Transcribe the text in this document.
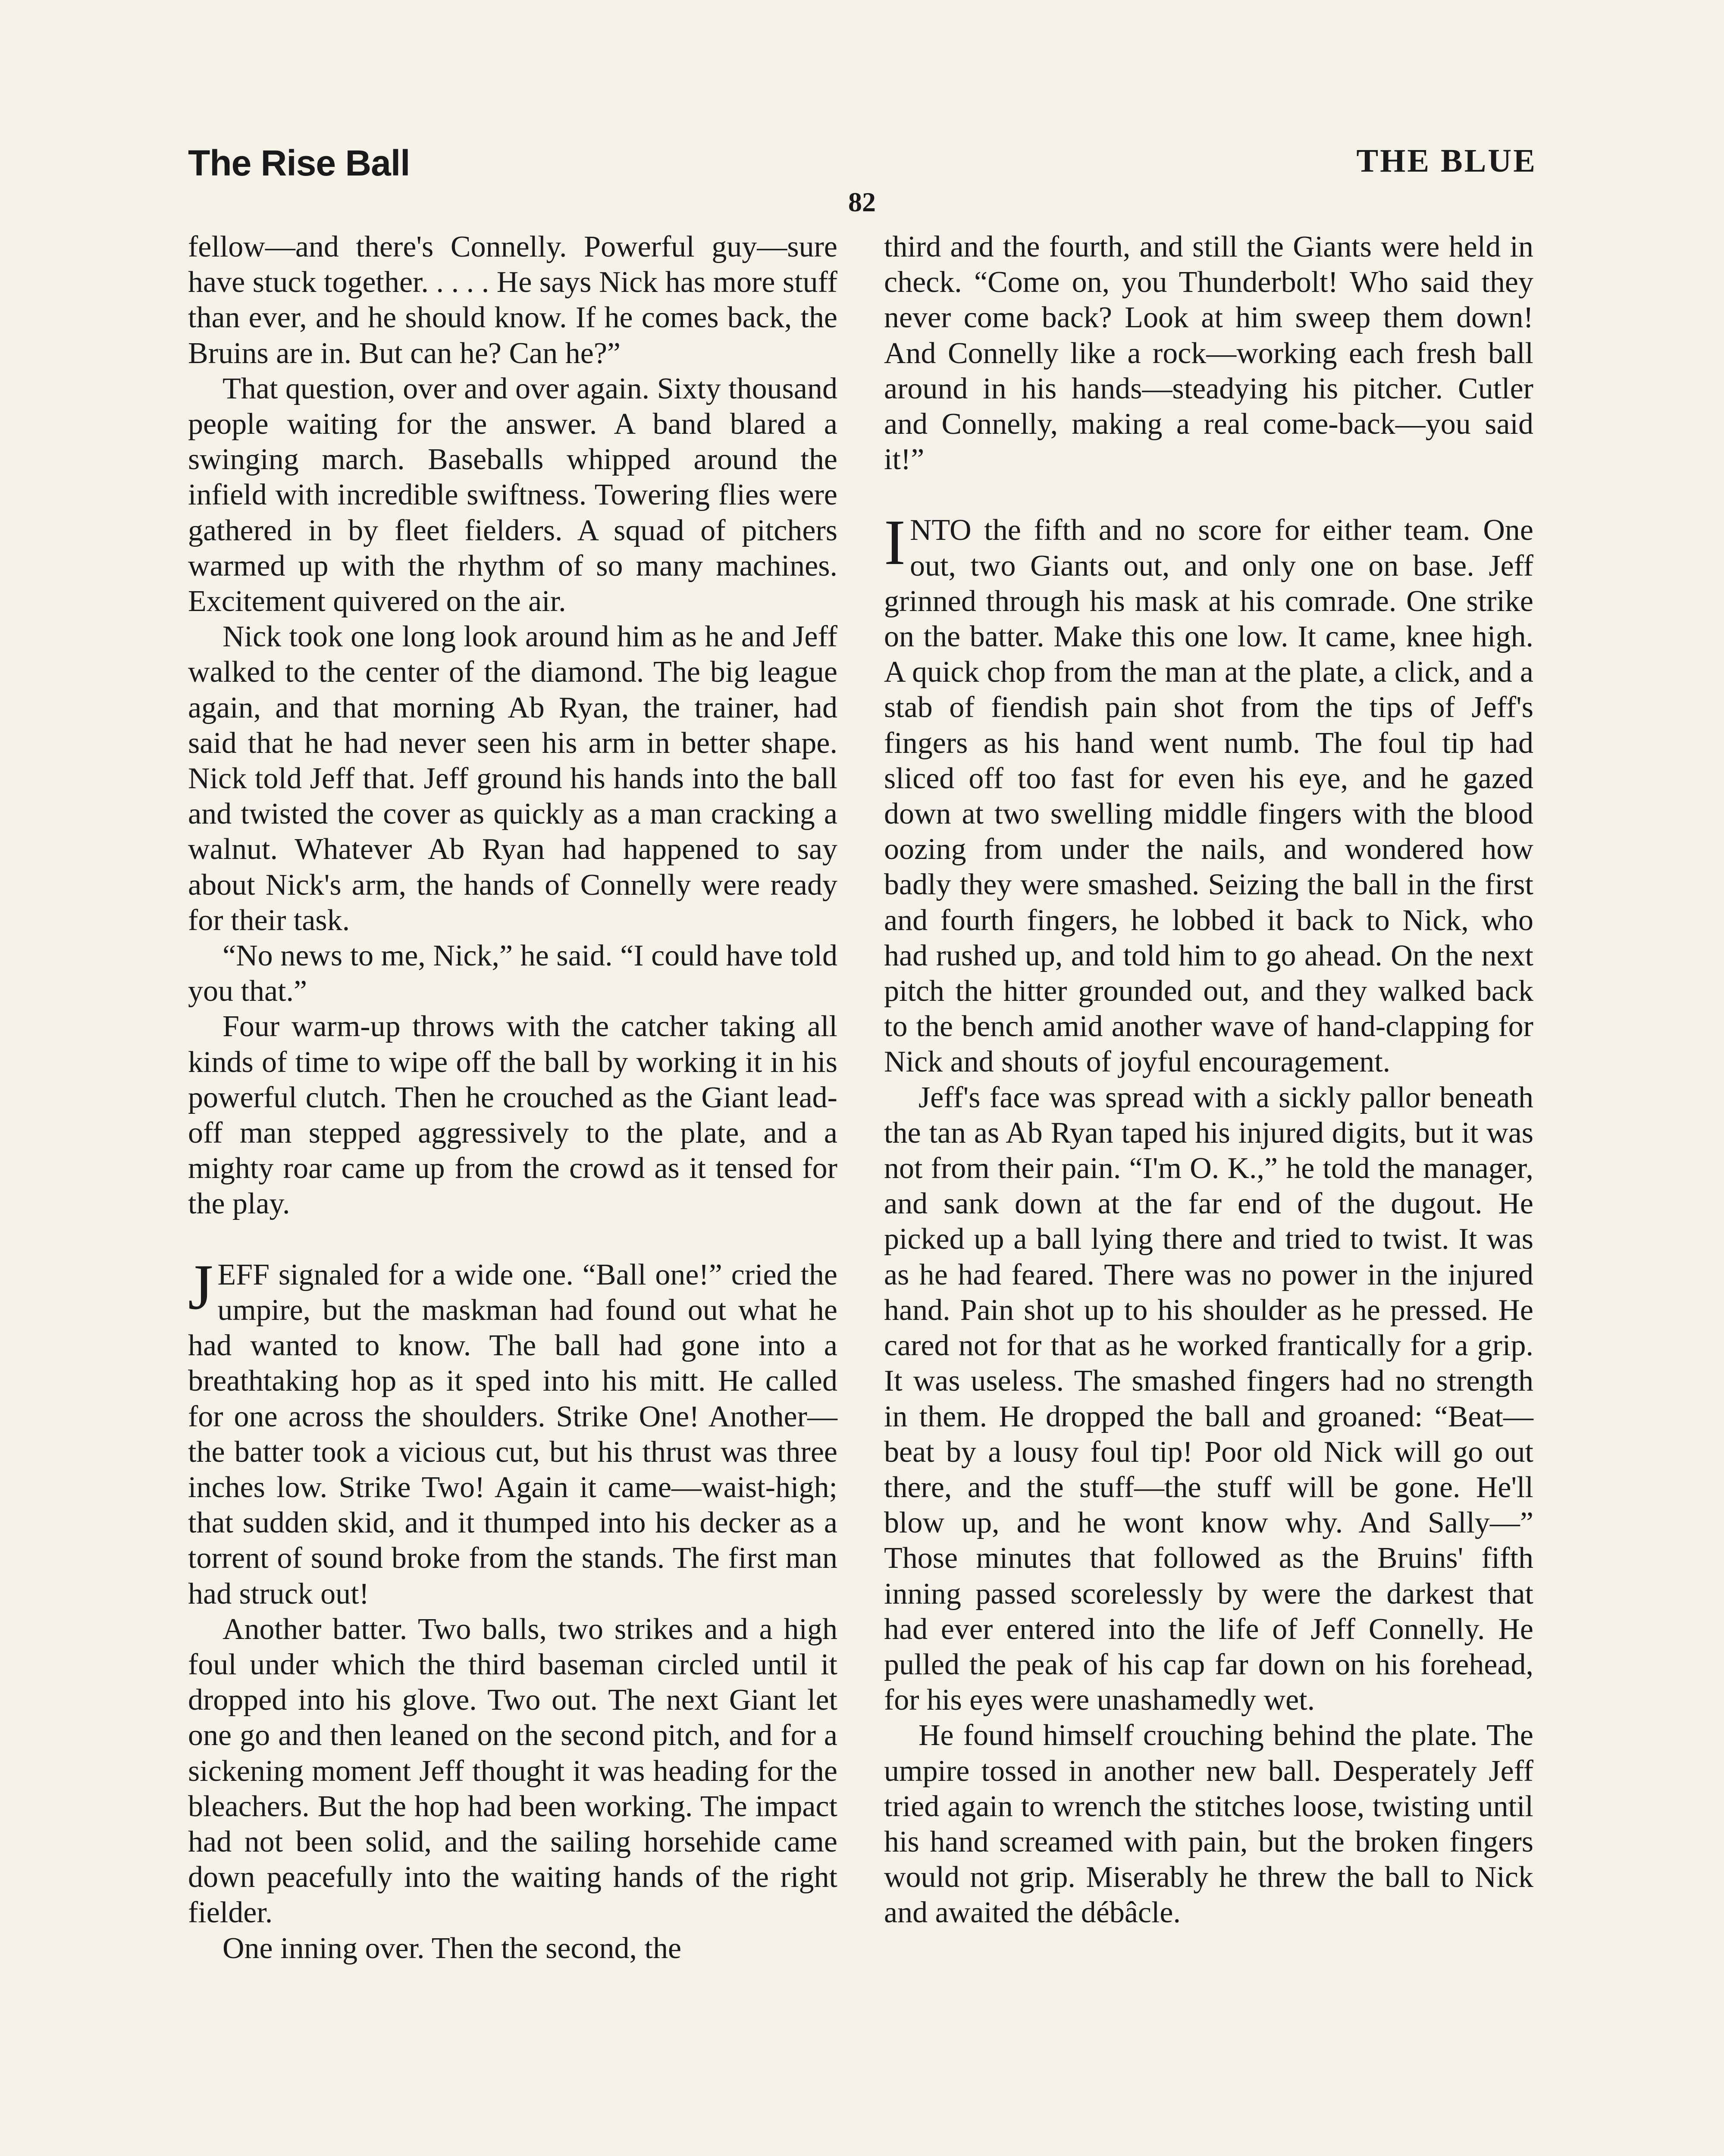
The Rise Ball	THE BLUE
82

fellow—and there's Connelly. Powerful guy—sure have stuck together. . . . . He says Nick has more stuff than ever, and he should know. If he comes back, the Bruins are in. But can he? Can he?”

That question, over and over again. Sixty thousand people waiting for the answer. A band blared a swinging march. Baseballs whipped around the infield with incredible swiftness. Towering flies were gathered in by fleet fielders. A squad of pitchers warmed up with the rhythm of so many machines. Excitement quivered on the air.

Nick took one long look around him as he and Jeff walked to the center of the diamond. The big league again, and that morning Ab Ryan, the trainer, had said that he had never seen his arm in better shape. Nick told Jeff that. Jeff ground his hands into the ball and twisted the cover as quickly as a man cracking a walnut. Whatever Ab Ryan had happened to say about Nick's arm, the hands of Connelly were ready for their task.

“No news to me, Nick,” he said. “I could have told you that.”

Four warm-up throws with the catcher taking all kinds of time to wipe off the ball by working it in his powerful clutch. Then he crouched as the Giant lead-off man stepped aggressively to the plate, and a mighty roar came up from the crowd as it tensed for the play.

JEFF signaled for a wide one. “Ball one!” cried the umpire, but the maskman had found out what he had wanted to know. The ball had gone into a breathtaking hop as it sped into his mitt. He called for one across the shoulders. Strike One! Another—the batter took a vicious cut, but his thrust was three inches low. Strike Two! Again it came—waist-high; that sudden skid, and it thumped into his decker as a torrent of sound broke from the stands. The first man had struck out!

Another batter. Two balls, two strikes and a high foul under which the third baseman circled until it dropped into his glove. Two out. The next Giant let one go and then leaned on the second pitch, and for a sickening moment Jeff thought it was heading for the bleachers. But the hop had been working. The impact had not been solid, and the sailing horsehide came down peacefully into the waiting hands of the right fielder.

One inning over. Then the second, the

third and the fourth, and still the Giants were held in check. “Come on, you Thunderbolt! Who said they never come back? Look at him sweep them down! And Connelly like a rock—working each fresh ball around in his hands—steadying his pitcher. Cutler and Connelly, making a real come-back—you said it!”

INTO the fifth and no score for either team. One out, two Giants out, and only one on base. Jeff grinned through his mask at his comrade. One strike on the batter. Make this one low. It came, knee high. A quick chop from the man at the plate, a click, and a stab of fiendish pain shot from the tips of Jeff's fingers as his hand went numb. The foul tip had sliced off too fast for even his eye, and he gazed down at two swelling middle fingers with the blood oozing from under the nails, and wondered how badly they were smashed. Seizing the ball in the first and fourth fingers, he lobbed it back to Nick, who had rushed up, and told him to go ahead. On the next pitch the hitter grounded out, and they walked back to the bench amid another wave of hand-clapping for Nick and shouts of joyful encouragement.

Jeff's face was spread with a sickly pallor beneath the tan as Ab Ryan taped his injured digits, but it was not from their pain. “I'm O. K.,” he told the manager, and sank down at the far end of the dugout. He picked up a ball lying there and tried to twist. It was as he had feared. There was no power in the injured hand. Pain shot up to his shoulder as he pressed. He cared not for that as he worked frantically for a grip. It was useless. The smashed fingers had no strength in them. He dropped the ball and groaned: “Beat—beat by a lousy foul tip! Poor old Nick will go out there, and the stuff—the stuff will be gone. He'll blow up, and he wont know why. And Sally—” Those minutes that followed as the Bruins' fifth inning passed scorelessly by were the darkest that had ever entered into the life of Jeff Connelly. He pulled the peak of his cap far down on his forehead, for his eyes were unashamedly wet.

He found himself crouching behind the plate. The umpire tossed in another new ball. Desperately Jeff tried again to wrench the stitches loose, twisting until his hand screamed with pain, but the broken fingers would not grip. Miserably he threw the ball to Nick and awaited the débâcle.
